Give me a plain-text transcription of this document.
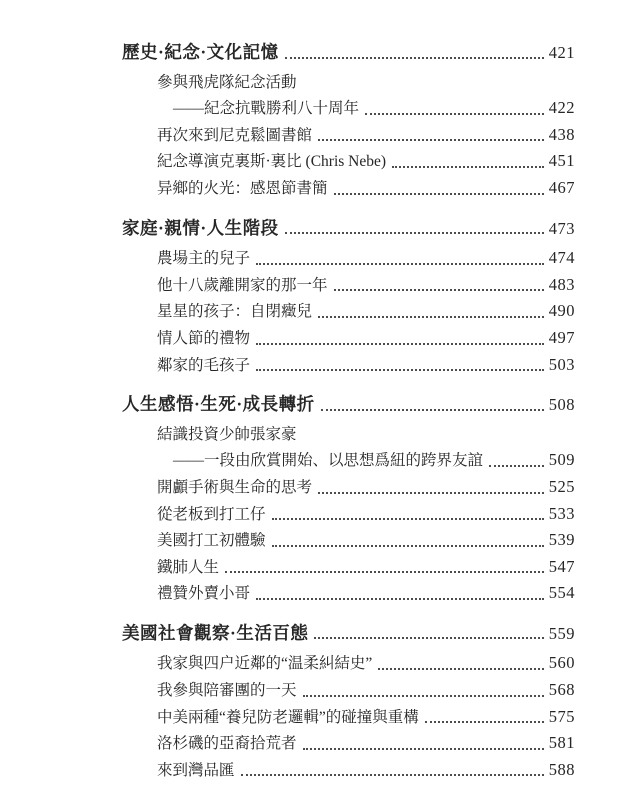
歷史·紀念·文化記憶	421
參與飛虎隊紀念活動
——紀念抗戰勝利八十周年	422
再次來到尼克鬆圖書館	438
紀念導演克裏斯·裏比 (Chris Nebe)	451
异鄉的火光：感恩節書簡	467
家庭·親情·人生階段	473
農場主的兒子	474
他十八歲離開家的那一年	483
星星的孩子：自閉癥兒	490
情人節的禮物	497
鄰家的毛孩子	503
人生感悟·生死·成長轉折	508
結識投資少帥張家豪
——一段由欣賞開始、以思想爲紐的跨界友誼	509
開顱手術與生命的思考	525
從老板到打工仔	533
美國打工初體驗	539
鐵肺人生	547
禮贊外賣小哥	554
美國社會觀察·生活百態	559
我家與四户近鄰的“温柔糾結史”	560
我參與陪審團的一天	568
中美兩種“養兒防老邏輯”的碰撞與重構	575
洛杉磯的亞裔拾荒者	581
來到灣品匯	588
